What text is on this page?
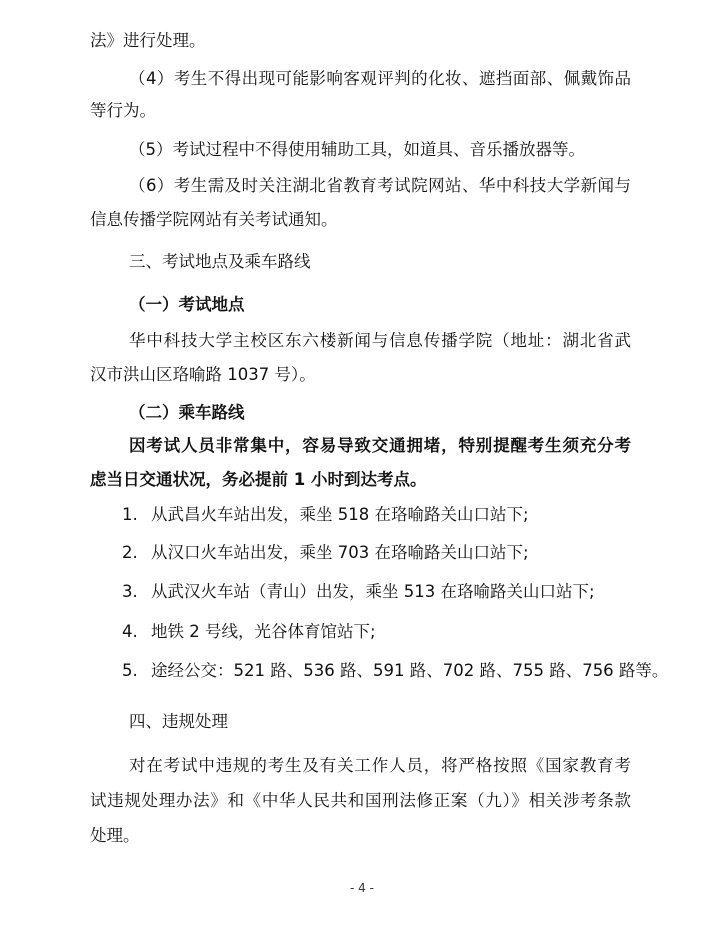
法》进行处理。
（4）考生不得出现可能影响客观评判的化妆、遮挡面部、佩戴饰品
等行为。
（5）考试过程中不得使用辅助工具，如道具、音乐播放器等。
（6）考生需及时关注湖北省教育考试院网站、华中科技大学新闻与
信息传播学院网站有关考试通知。
三、考试地点及乘车路线
（一）考试地点
华中科技大学主校区东六楼新闻与信息传播学院（地址：湖北省武
汉市洪山区珞喻路 1037 号）。
（二）乘车路线
因考试人员非常集中，容易导致交通拥堵，特别提醒考生须充分考
虑当日交通状况，务必提前 1 小时到达考点。
1. 从武昌火车站出发，乘坐 518 在珞喻路关山口站下;
2. 从汉口火车站出发，乘坐 703 在珞喻路关山口站下;
3. 从武汉火车站（青山）出发，乘坐 513 在珞喻路关山口站下;
4. 地铁 2 号线，光谷体育馆站下;
5. 途经公交：521 路、536 路、591 路、702 路、755 路、756 路等。
四、违规处理
对在考试中违规的考生及有关工作人员，将严格按照《国家教育考
试违规处理办法》和《中华人民共和国刑法修正案（九）》相关涉考条款
处理。
- 4 -
